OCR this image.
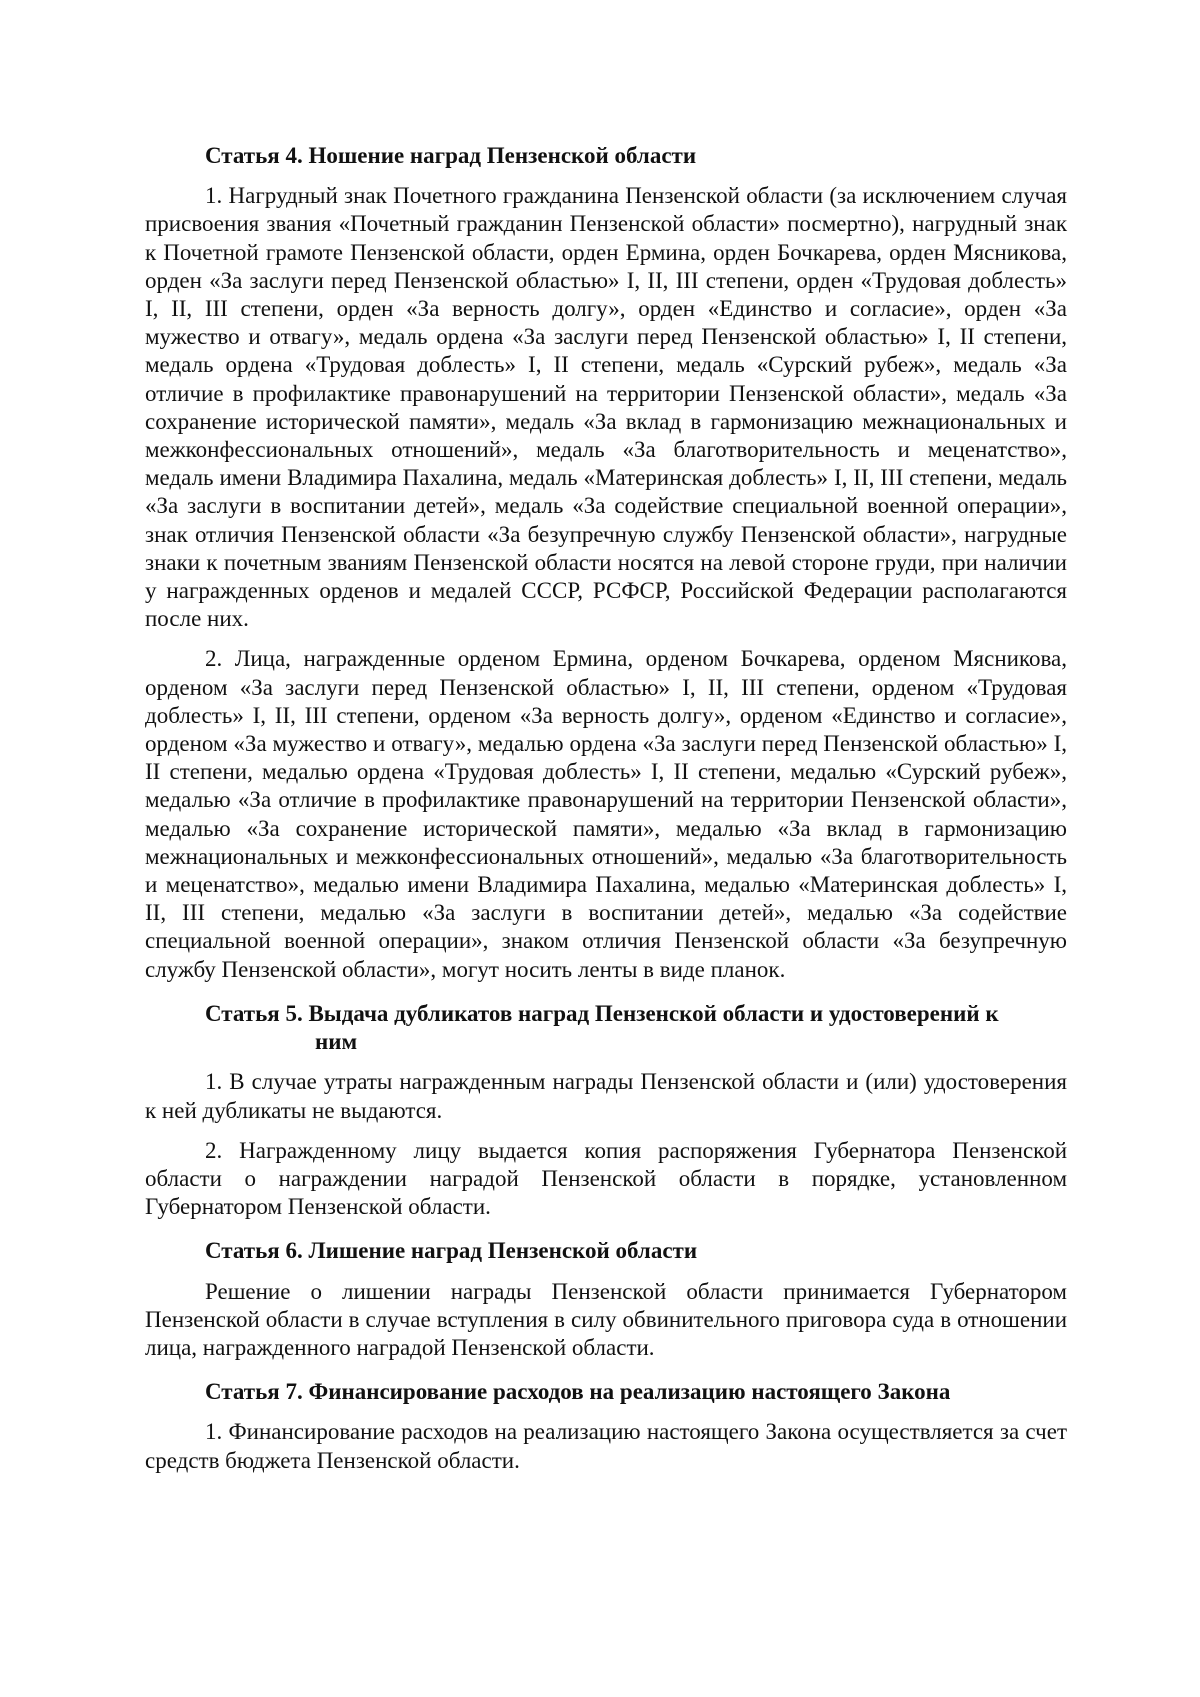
Статья 4. Ношение наград Пензенской области

1. Нагрудный знак Почетного гражданина Пензенской области (за исключением случая присвоения звания «Почетный гражданин Пензенской области» посмертно), нагрудный знак к Почетной грамоте Пензенской области, орден Ермина, орден Бочкарева, орден Мясникова, орден «За заслуги перед Пензенской областью» I, II, III степени, орден «Трудовая доблесть» I, II, III степени, орден «За верность долгу», орден «Единство и согласие», орден «За мужество и отвагу», медаль ордена «За заслуги перед Пензенской областью» I, II степени, медаль ордена «Трудовая доблесть» I, II степени, медаль «Сурский рубеж», медаль «За отличие в профилактике правонарушений на территории Пензенской области», медаль «За сохранение исторической памяти», медаль «За вклад в гармонизацию межнациональных и межконфессиональных отношений», медаль «За благотворительность и меценатство», медаль имени Владимира Пахалина, медаль «Материнская доблесть» I, II, III степени, медаль «За заслуги в воспитании детей», медаль «За содействие специальной военной операции», знак отличия Пензенской области «За безупречную службу Пензенской области», нагрудные знаки к почетным званиям Пензенской области носятся на левой стороне груди, при наличии у награжденных орденов и медалей СССР, РСФСР, Российской Федерации располагаются после них.

2. Лица, награжденные орденом Ермина, орденом Бочкарева, орденом Мясникова, орденом «За заслуги перед Пензенской областью» I, II, III степени, орденом «Трудовая доблесть» I, II, III степени, орденом «За верность долгу», орденом «Единство и согласие», орденом «За мужество и отвагу», медалью ордена «За заслуги перед Пензенской областью» I, II степени, медалью ордена «Трудовая доблесть» I, II степени, медалью «Сурский рубеж», медалью «За отличие в профилактике правонарушений на территории Пензенской области», медалью «За сохранение исторической памяти», медалью «За вклад в гармонизацию межнациональных и межконфессиональных отношений», медалью «За благотворительность и меценатство», медалью имени Владимира Пахалина, медалью «Материнская доблесть» I, II, III степени, медалью «За заслуги в воспитании детей», медалью «За содействие специальной военной операции», знаком отличия Пензенской области «За безупречную службу Пензенской области», могут носить ленты в виде планок.

Статья 5. Выдача дубликатов наград Пензенской области и удостоверений к
ним

1. В случае утраты награжденным награды Пензенской области и (или) удостоверения к ней дубликаты не выдаются.

2. Награжденному лицу выдается копия распоряжения Губернатора Пензенской области о награждении наградой Пензенской области в порядке, установленном Губернатором Пензенской области.

Статья 6. Лишение наград Пензенской области

Решение о лишении награды Пензенской области принимается Губернатором Пензенской области в случае вступления в силу обвинительного приговора суда в отношении лица, награжденного наградой Пензенской области.

Статья 7. Финансирование расходов на реализацию настоящего Закона

1. Финансирование расходов на реализацию настоящего Закона осуществляется за счет средств бюджета Пензенской области.
